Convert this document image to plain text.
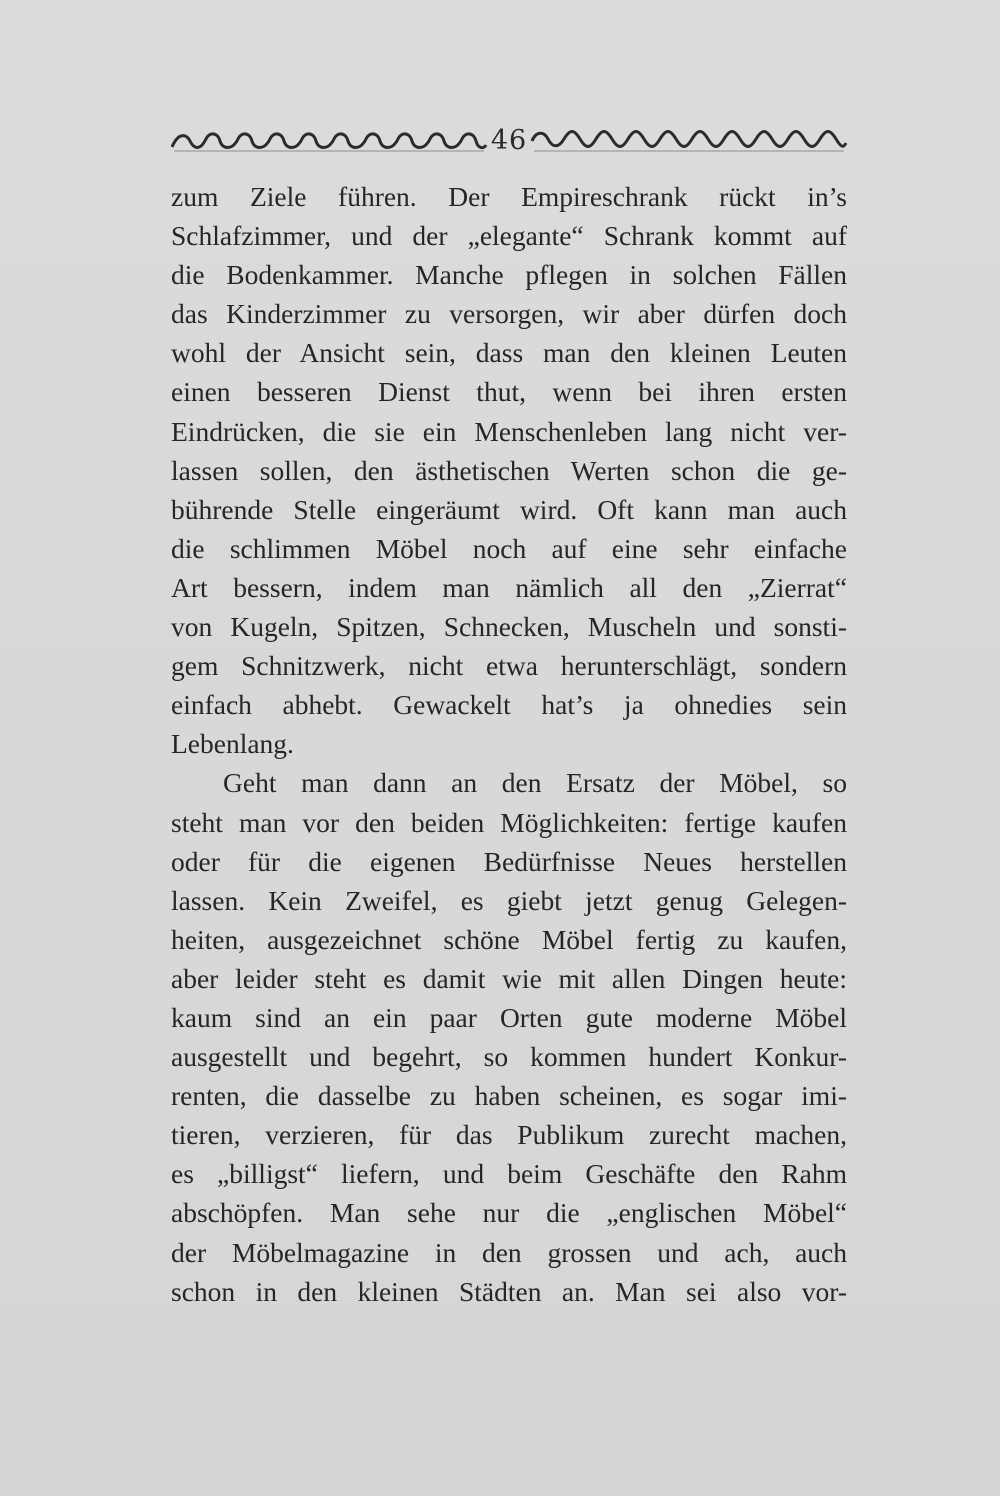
46
zum Ziele führen. Der Empireschrank rückt in’s
Schlafzimmer, und der „elegante“ Schrank kommt auf
die Bodenkammer. Manche pflegen in solchen Fällen
das Kinderzimmer zu versorgen, wir aber dürfen doch
wohl der Ansicht sein, dass man den kleinen Leuten
einen besseren Dienst thut, wenn bei ihren ersten
Eindrücken, die sie ein Menschenleben lang nicht ver-
lassen sollen, den ästhetischen Werten schon die ge-
bührende Stelle eingeräumt wird. Oft kann man auch
die schlimmen Möbel noch auf eine sehr einfache
Art bessern, indem man nämlich all den „Zierrat“
von Kugeln, Spitzen, Schnecken, Muscheln und sonsti-
gem Schnitzwerk, nicht etwa herunterschlägt, sondern
einfach abhebt. Gewackelt hat’s ja ohnedies sein
Lebenlang.
Geht man dann an den Ersatz der Möbel, so
steht man vor den beiden Möglichkeiten: fertige kaufen
oder für die eigenen Bedürfnisse Neues herstellen
lassen. Kein Zweifel, es giebt jetzt genug Gelegen-
heiten, ausgezeichnet schöne Möbel fertig zu kaufen,
aber leider steht es damit wie mit allen Dingen heute:
kaum sind an ein paar Orten gute moderne Möbel
ausgestellt und begehrt, so kommen hundert Konkur-
renten, die dasselbe zu haben scheinen, es sogar imi-
tieren, verzieren, für das Publikum zurecht machen,
es „billigst“ liefern, und beim Geschäfte den Rahm
abschöpfen. Man sehe nur die „englischen Möbel“
der Möbelmagazine in den grossen und ach, auch
schon in den kleinen Städten an. Man sei also vor-
